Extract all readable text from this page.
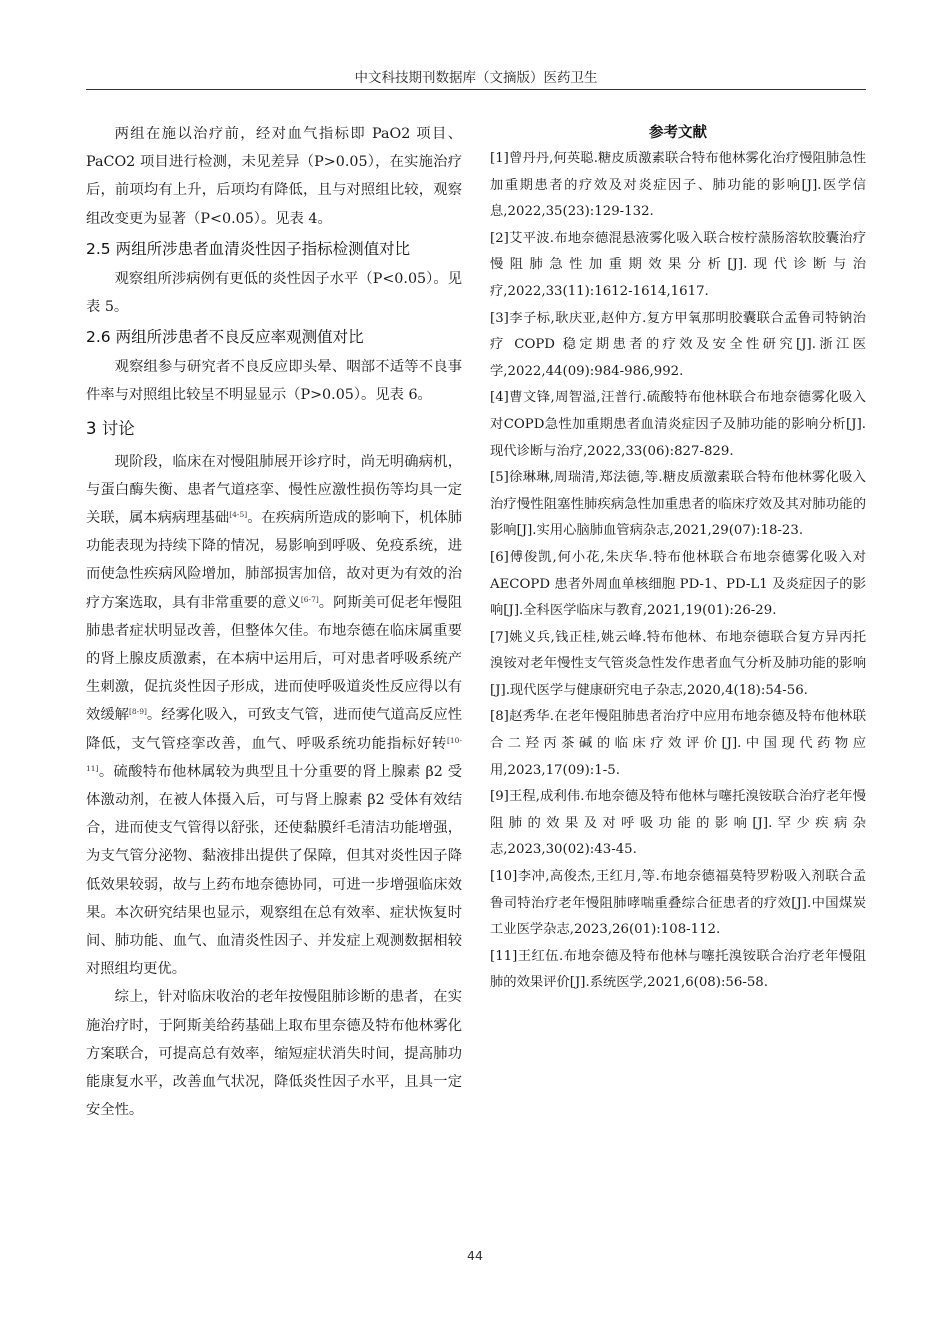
中文科技期刊数据库（文摘版）医药卫生

两组在施以治疗前，经对血气指标即 PaO2 项目、PaCO2 项目进行检测，未见差异（P>0.05），在实施治疗后，前项均有上升，后项均有降低，且与对照组比较，观察组改变更为显著（P<0.05）。见表 4。

2.5 两组所涉患者血清炎性因子指标检测值对比

观察组所涉病例有更低的炎性因子水平（P<0.05）。见表 5。

2.6 两组所涉患者不良反应率观测值对比

观察组参与研究者不良反应即头晕、咽部不适等不良事件率与对照组比较呈不明显显示（P>0.05）。见表 6。

3 讨论

现阶段，临床在对慢阻肺展开诊疗时，尚无明确病机，与蛋白酶失衡、患者气道痉挛、慢性应激性损伤等均具一定关联，属本病病理基础[4-5]。在疾病所造成的影响下，机体肺功能表现为持续下降的情况，易影响到呼吸、免疫系统，进而使急性疾病风险增加，肺部损害加倍，故对更为有效的治疗方案选取，具有非常重要的意义[6-7]。阿斯美可促老年慢阻肺患者症状明显改善，但整体欠佳。布地奈德在临床属重要的肾上腺皮质激素，在本病中运用后，可对患者呼吸系统产生刺激，促抗炎性因子形成，进而使呼吸道炎性反应得以有效缓解[8-9]。经雾化吸入，可致支气管，进而使气道高反应性降低，支气管痉挛改善，血气、呼吸系统功能指标好转[10-11]。硫酸特布他林属较为典型且十分重要的肾上腺素 β2 受体激动剂，在被人体摄入后，可与肾上腺素 β2 受体有效结合，进而使支气管得以舒张，还使黏膜纤毛清洁功能增强，为支气管分泌物、黏液排出提供了保障，但其对炎性因子降低效果较弱，故与上药布地奈德协同，可进一步增强临床效果。本次研究结果也显示，观察组在总有效率、症状恢复时间、肺功能、血气、血清炎性因子、并发症上观测数据相较对照组均更优。

综上，针对临床收治的老年按慢阻肺诊断的患者，在实施治疗时，于阿斯美给药基础上取布里奈德及特布他林雾化方案联合，可提高总有效率，缩短症状消失时间，提高肺功能康复水平，改善血气状况，降低炎性因子水平，且具一定安全性。

参考文献

[1]曾丹丹,何英聪.糖皮质激素联合特布他林雾化治疗慢阻肺急性加重期患者的疗效及对炎症因子、肺功能的影响[J].医学信息,2022,35(23):129-132.

[2]艾平波.布地奈德混悬液雾化吸入联合桉柠蒎肠溶软胶囊治疗慢阻肺急性加重期效果分析[J].现代诊断与治疗,2022,33(11):1612-1614,1617.

[3]李子标,耿庆亚,赵仲方.复方甲氧那明胶囊联合孟鲁司特钠治疗 COPD 稳定期患者的疗效及安全性研究[J].浙江医学,2022,44(09):984-986,992.

[4]曹文锋,周智溢,汪普行.硫酸特布他林联合布地奈德雾化吸入对COPD急性加重期患者血清炎症因子及肺功能的影响分析[J].现代诊断与治疗,2022,33(06):827-829.

[5]徐琳琳,周瑞清,郑法德,等.糖皮质激素联合特布他林雾化吸入治疗慢性阻塞性肺疾病急性加重患者的临床疗效及其对肺功能的影响[J].实用心脑肺血管病杂志,2021,29(07):18-23.

[6]傅俊凯,何小花,朱庆华.特布他林联合布地奈德雾化吸入对 AECOPD 患者外周血单核细胞 PD-1、PD-L1 及炎症因子的影响[J].全科医学临床与教育,2021,19(01):26-29.

[7]姚义兵,钱正桂,姚云峰.特布他林、布地奈德联合复方异丙托溴铵对老年慢性支气管炎急性发作患者血气分析及肺功能的影响[J].现代医学与健康研究电子杂志,2020,4(18):54-56.

[8]赵秀华.在老年慢阻肺患者治疗中应用布地奈德及特布他林联合二羟丙茶碱的临床疗效评价[J].中国现代药物应用,2023,17(09):1-5.

[9]王程,成利伟.布地奈德及特布他林与噻托溴铵联合治疗老年慢阻肺的效果及对呼吸功能的影响[J].罕少疾病杂志,2023,30(02):43-45.

[10]李冲,高俊杰,王红月,等.布地奈德福莫特罗粉吸入剂联合孟鲁司特治疗老年慢阻肺哮喘重叠综合征患者的疗效[J].中国煤炭工业医学杂志,2023,26(01):108-112.

[11]王红伍.布地奈德及特布他林与噻托溴铵联合治疗老年慢阻肺的效果评价[J].系统医学,2021,6(08):56-58.

44
